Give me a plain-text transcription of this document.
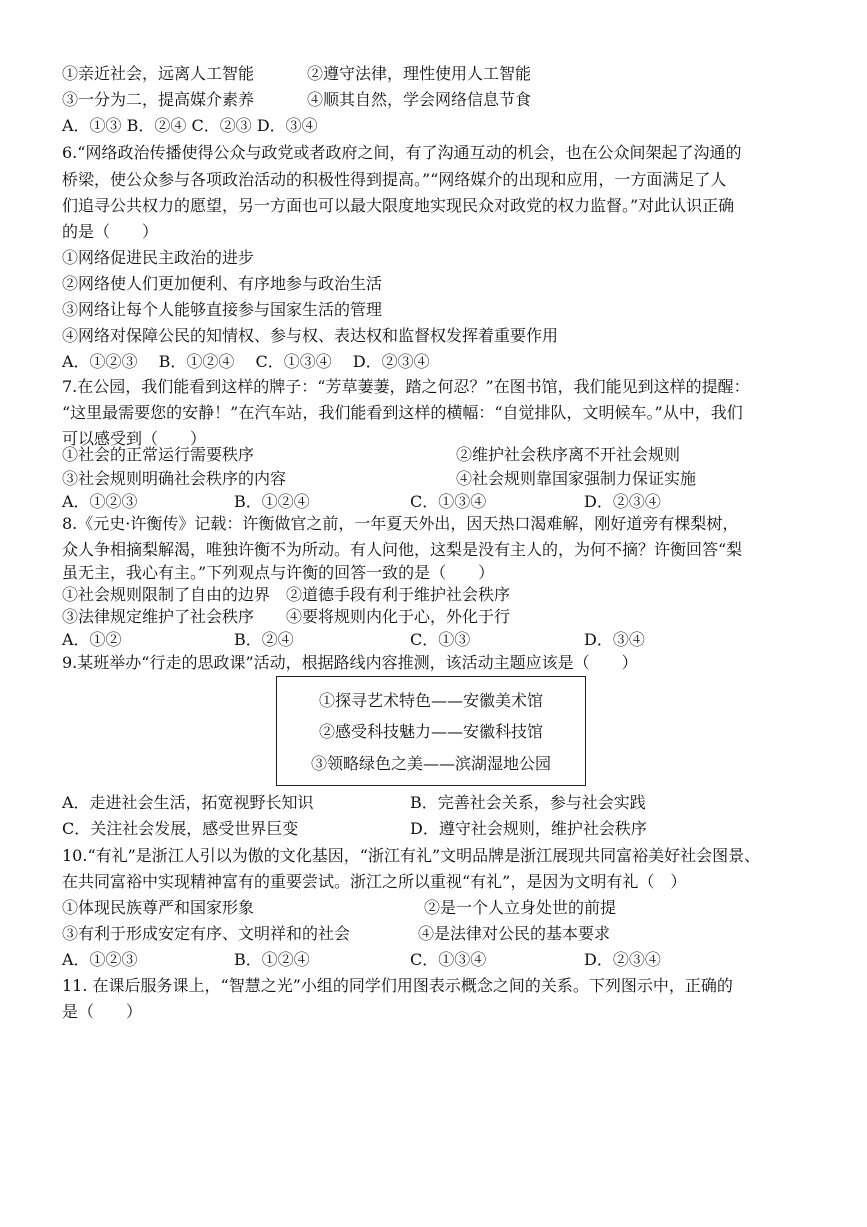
①亲近社会，远离人工智能	②遵守法律，理性使用人工智能
③一分为二，提高媒介素养	④顺其自然，学会网络信息节食
A．①③ B．②④ C．②③ D．③④
6.“网络政治传播使得公众与政党或者政府之间，有了沟通互动的机会，也在公众间架起了沟通的
桥梁，使公众参与各项政治活动的积极性得到提高。”“网络媒介的出现和应用，一方面满足了人
们追寻公共权力的愿望，另一方面也可以最大限度地实现民众对政党的权力监督。”对此认识正确
的是（　　）
①网络促进民主政治的进步
②网络使人们更加便利、有序地参与政治生活
③网络让每个人能够直接参与国家生活的管理
④网络对保障公民的知情权、参与权、表达权和监督权发挥着重要作用
A．①②③　 B．①②④　 C．①③④　 D．②③④
7.在公园，我们能看到这样的牌子：“芳草萋萋，踏之何忍？”在图书馆，我们能见到这样的提醒：
“这里最需要您的安静！”在汽车站，我们能看到这样的横幅：“自觉排队，文明候车。”从中，我们
可以感受到（　　）
①社会的正常运行需要秩序	②维护社会秩序离不开社会规则
③社会规则明确社会秩序的内容	④社会规则靠国家强制力保证实施
A．①②③	B．①②④	C．①③④	D．②③④
8.《元史·许衡传》记载：许衡做官之前，一年夏天外出，因天热口渴难解，刚好道旁有棵梨树，
众人争相摘梨解渴，唯独许衡不为所动。有人问他，这梨是没有主人的，为何不摘？许衡回答“梨
虽无主，我心有主。”下列观点与许衡的回答一致的是（　　）
①社会规则限制了自由的边界　②道德手段有利于维护社会秩序
③法律规定维护了社会秩序　　④要将规则内化于心，外化于行
A．①②	B．②④	C．①③	D．③④
9.某班举办“行走的思政课”活动，根据路线内容推测，该活动主题应该是（　　）
①探寻艺术特色——安徽美术馆
②感受科技魅力——安徽科技馆
③领略绿色之美——滨湖湿地公园
A．走进社会生活，拓宽视野长知识	B．完善社会关系，参与社会实践
C．关注社会发展，感受世界巨变	D．遵守社会规则，维护社会秩序
10.“有礼”是浙江人引以为傲的文化基因，“浙江有礼”文明品牌是浙江展现共同富裕美好社会图景、
在共同富裕中实现精神富有的重要尝试。浙江之所以重视“有礼”，是因为文明有礼（　）
①体现民族尊严和国家形象	②是一个人立身处世的前提
③有利于形成安定有序、文明祥和的社会	④是法律对公民的基本要求
A．①②③	B．①②④	C．①③④	D．②③④
11. 在课后服务课上，“智慧之光”小组的同学们用图表示概念之间的关系。下列图示中，正确的
是（　　）
